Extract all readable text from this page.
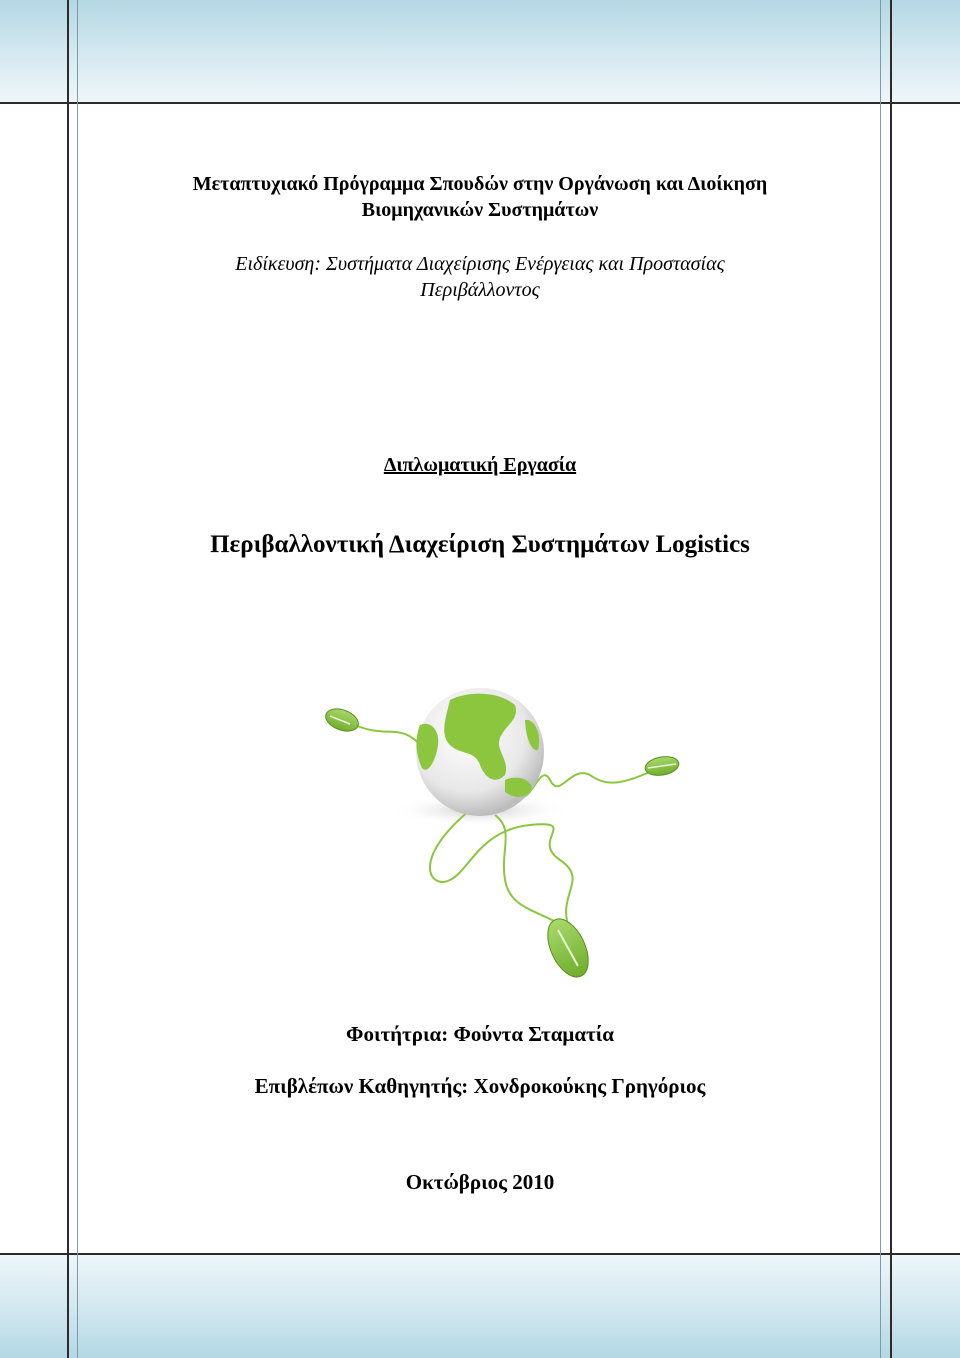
Μεταπτυχιακό Πρόγραμμα Σπουδών στην Οργάνωση και Διοίκηση
Βιομηχανικών Συστημάτων
Ειδίκευση: Συστήματα Διαχείρισης Ενέργειας και Προστασίας
Περιβάλλοντος
Διπλωματική Εργασία
Περιβαλλοντική Διαχείριση Συστημάτων Logistics
Φοιτήτρια: Φούντα Σταματία
Επιβλέπων Καθηγητής: Χονδροκούκης Γρηγόριος
Οκτώβριος 2010
